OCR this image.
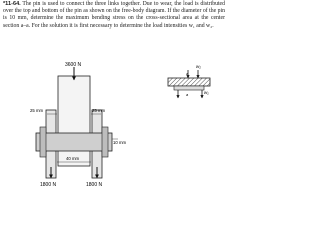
*11-64. The pin is used to connect the three links together. Due to wear, the load is distributed over the top and bottom of the pin as shown on the free-body diagram. If the diameter of the pin is 10 mm, determine the maximum bending stress on the cross-sectional area at the center section a–a. For the solution it is first necessary to determine the load intensities w₁ and w₂.
3600 N
25 mm	25 mm
40 mm
10 mm
1800 N	1800 N
w₂
w₁
a
a
